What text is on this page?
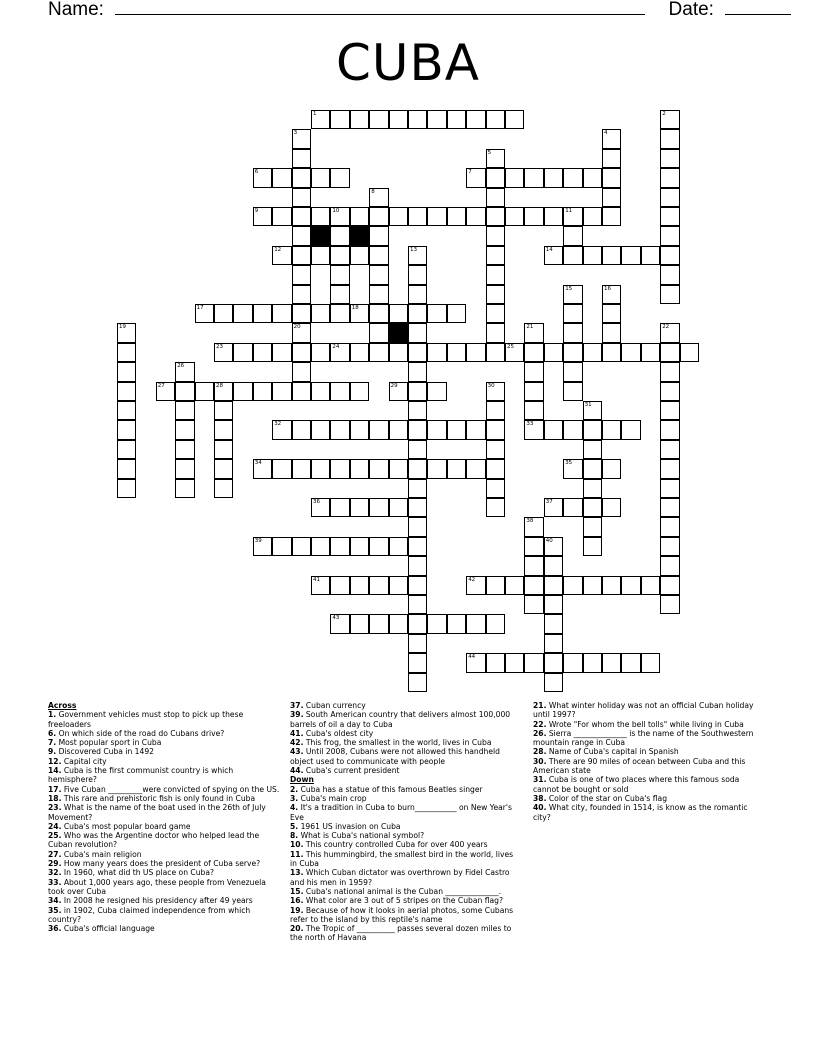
Name:	Date:
CUBA
1	2
3
20
4
5
6	7
8
9	10	11
12	13	14
15	16
17	18
19	21	22
23	24	25
26
27	28	29	30
31
32	33
34	35
36	37
38
39	40
41	42
43
44
Across
1. Government vehicles must stop to pick up these freeloaders
6. On which side of the road do Cubans drive?
7. Most popular sport in Cuba
9. Discovered Cuba in 1492
12. Capital city
14. Cuba is the first communist country is which hemisphere?
17. Five Cuban _________were convicted of spying on the US.
18. This rare and prehistoric fish is only found in Cuba
23. What is the name of the boat used in the 26th of July Movement?
24. Cuba's most popular board game
25. Who was the Argentine doctor who helped lead the Cuban revolution?
27. Cuba's main religion
29. How many years does the president of Cuba serve?
32. In 1960, what did th US place on Cuba?
33. About 1,000 years ago, these people from Venezuela took over Cuba
34. In 2008 he resigned his presidency after 49 years
35. in 1902, Cuba claimed independence from which country?
36. Cuba's official language
37. Cuban currency
39. South American country that delivers almost 100,000 barrels of oil a day to Cuba
41. Cuba's oldest city
42. This frog, the smallest in the world, lives in Cuba
43. Until 2008, Cubans were not allowed this handheld object used to communicate with people
44. Cuba's current president
Down
2. Cuba has a statue of this famous Beatles singer
3. Cuba's main crop
4. It's a tradition in Cuba to burn___________ on New Year's Eve
5. 1961 US invasion on Cuba
8. What is Cuba's national symbol?
10. This country controlled Cuba for over 400 years
11. This hummingbird, the smallest bird in the world, lives in Cuba
13. Which Cuban dictator was overthrown by Fidel Castro and his men in 1959?
15. Cuba's national animal is the Cuban ______________.
16. What color are 3 out of 5 stripes on the Cuban flag?
19. Because of how it looks in aerial photos, some Cubans refer to the island by this reptile's name
20. The Tropic of __________ passes several dozen miles to the north of Havana
21. What winter holiday was not an official Cuban holiday until 1997?
22. Wrote "For whom the bell tolls" while living in Cuba
26. Sierra ______________ is the name of the Southwestern mountain range in Cuba
28. Name of Cuba's capital in Spanish
30. There are 90 miles of ocean between Cuba and this American state
31. Cuba is one of two places where this famous soda cannot be bought or sold
38. Color of the star on Cuba's flag
40. What city, founded in 1514, is know as the romantic city?
